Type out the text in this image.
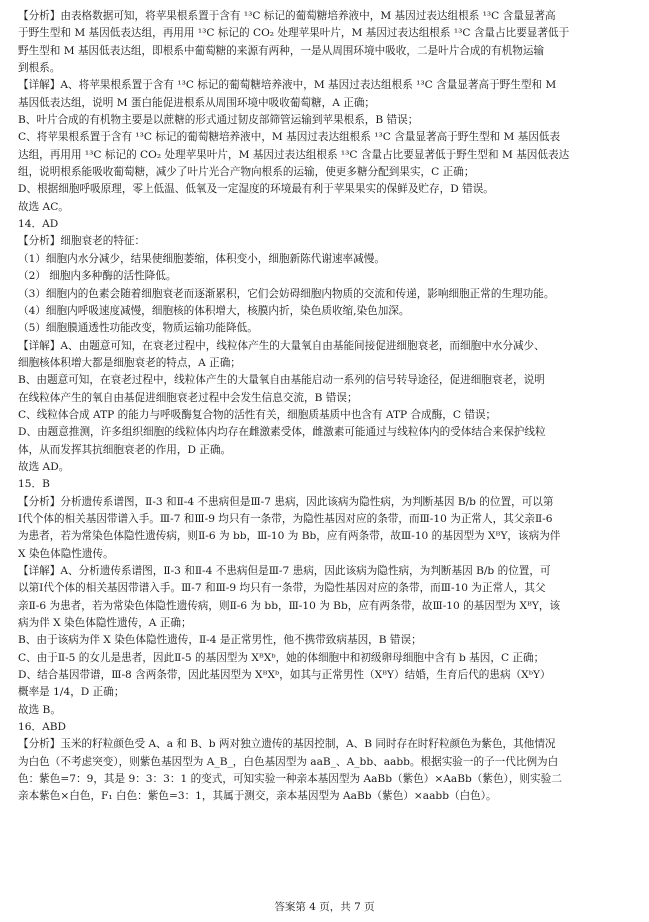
【分析】由表格数据可知，将苹果根系置于含有 ¹³C 标记的葡萄糖培养液中，M 基因过表达组根系 ¹³C 含量显著高
于野生型和 M 基因低表达组，再用用 ¹³C 标记的 CO₂ 处理苹果叶片，M 基因过表达组根系 ¹³C 含量占比要显著低于
野生型和 M 基因低表达组，即根系中葡萄糖的来源有两种，一是从周围环境中吸收，二是叶片合成的有机物运输
到根系。
【详解】A、将苹果根系置于含有 ¹³C 标记的葡萄糖培养液中，M 基因过表达组根系 ¹³C 含量显著高于野生型和 M
基因低表达组，说明 M 蛋白能促进根系从周围环境中吸收葡萄糖，A 正确；
B、叶片合成的有机物主要是以蔗糖的形式通过韧皮部筛管运输到苹果根系，B 错误；
C、将苹果根系置于含有 ¹³C 标记的葡萄糖培养液中，M 基因过表达组根系 ¹³C 含量显著高于野生型和 M 基因低表
达组，再用用 ¹³C 标记的 CO₂ 处理苹果叶片，M 基因过表达组根系 ¹³C 含量占比要显著低于野生型和 M 基因低表达
组，说明根系能吸收葡萄糖，减少了叶片光合产物向根系的运输，使更多糖分配到果实，C 正确；
D、根据细胞呼吸原理，零上低温、低氧及一定湿度的环境最有利于苹果果实的保鲜及贮存，D 错误。
故选 AC。
14．AD
【分析】细胞衰老的特征：
（1）细胞内水分减少，结果使细胞萎缩，体积变小，细胞新陈代谢速率减慢。
（2） 细胞内多种酶的活性降低。
（3）细胞内的色素会随着细胞衰老而逐渐累积，它们会妨碍细胞内物质的交流和传递，影响细胞正常的生理功能。
（4）细胞内呼吸速度减慢，细胞核的体积增大，核膜内折，染色质收缩,染色加深。
（5）细胞膜通透性功能改变，物质运输功能降低。
【详解】A、由题意可知，在衰老过程中，线粒体产生的大量氧自由基能间接促进细胞衰老，而细胞中水分减少、
细胞核体积增大都是细胞衰老的特点，A 正确；
B、由题意可知，在衰老过程中，线粒体产生的大量氧自由基能启动一系列的信号转导途径，促进细胞衰老，说明
在线粒体产生的氧自由基促进细胞衰老过程中会发生信息交流，B 错误；
C、线粒体合成 ATP 的能力与呼吸酶复合物的活性有关，细胞质基质中也含有 ATP 合成酶，C 错误；
D、由题意推测，许多组织细胞的线粒体内均存在雌激素受体，雌激素可能通过与线粒体内的受体结合来保护线粒
体，从而发挥其抗细胞衰老的作用，D 正确。
故选 AD。
15．B
【分析】分析遗传系谱图，Ⅱ-3 和Ⅱ-4 不患病但是Ⅲ-7 患病，因此该病为隐性病，为判断基因 B/b 的位置，可以第
Ⅰ代个体的相关基因带谱入手。Ⅲ-7 和Ⅲ-9 均只有一条带，为隐性基因对应的条带，而Ⅲ-10 为正常人，其父亲Ⅱ-6
为患者，若为常染色体隐性遗传病，则Ⅱ-6 为 bb，Ⅲ-10 为 Bb，应有两条带，故Ⅲ-10 的基因型为 XᴮY，该病为伴
X 染色体隐性遗传。
【详解】A、分析遗传系谱图，Ⅱ-3 和Ⅱ-4 不患病但是Ⅲ-7 患病，因此该病为隐性病，为判断基因 B/b 的位置，可
以第Ⅰ代个体的相关基因带谱入手。Ⅲ-7 和Ⅲ-9 均只有一条带，为隐性基因对应的条带，而Ⅲ-10 为正常人，其父
亲Ⅱ-6 为患者，若为常染色体隐性遗传病，则Ⅱ-6 为 bb，Ⅲ-10 为 Bb，应有两条带，故Ⅲ-10 的基因型为 XᴮY，该
病为伴 X 染色体隐性遗传，A 正确；
B、由于该病为伴 X 染色体隐性遗传，Ⅱ-4 是正常男性，他不携带致病基因，B 错误；
C、由于Ⅱ-5 的女儿是患者，因此Ⅱ-5 的基因型为 XᴮXᵇ，她的体细胞中和初级卵母细胞中含有 b 基因，C 正确；
D、结合基因带谱，Ⅲ-8 含两条带，因此基因型为 XᴮXᵇ，如其与正常男性（XᴮY）结婚，生育后代的患病（XᵇY）
概率是 1/4，D 正确；
故选 B。
16．ABD
【分析】玉米的籽粒颜色受 A、a 和 B、b 两对独立遗传的基因控制，A、B 同时存在时籽粒颜色为紫色，其他情况
为白色（不考虑突变），则紫色基因型为 A_B_，白色基因型为 aaB_、A_bb、aabb。根据实验一的子一代比例为白
色：紫色=7：9，其是 9：3：3：1 的变式，可知实验一种亲本基因型为 AaBb（紫色）×AaBb（紫色），则实验二
亲本紫色×白色，F₁ 白色：紫色=3：1，其属于测交，亲本基因型为 AaBb（紫色）×aabb（白色）。
答案第 4 页，共 7 页
